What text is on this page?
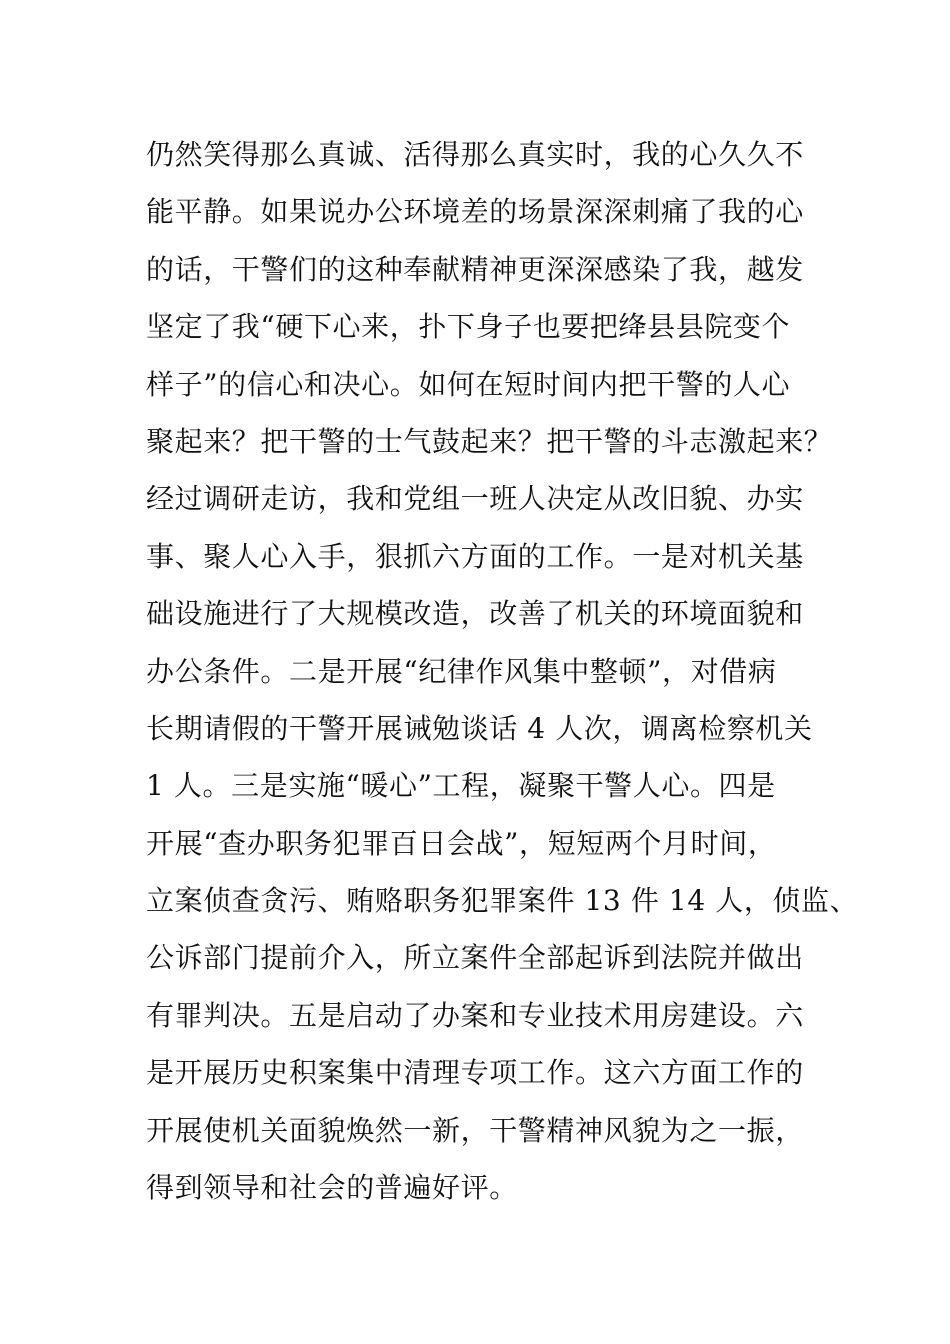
仍然笑得那么真诚、活得那么真实时，我的心久久不
能平静。如果说办公环境差的场景深深刺痛了我的心
的话，干警们的这种奉献精神更深深感染了我，越发
坚定了我“硬下心来，扑下身子也要把绛县县院变个
样子”的信心和决心。如何在短时间内把干警的人心
聚起来？把干警的士气鼓起来？把干警的斗志激起来？
经过调研走访，我和党组一班人决定从改旧貌、办实
事、聚人心入手，狠抓六方面的工作。一是对机关基
础设施进行了大规模改造，改善了机关的环境面貌和
办公条件。二是开展“纪律作风集中整顿”，对借病
长期请假的干警开展诫勉谈话 4 人次，调离检察机关
1 人。三是实施“暖心”工程，凝聚干警人心。四是
开展“查办职务犯罪百日会战”，短短两个月时间，
立案侦查贪污、贿赂职务犯罪案件 13 件 14 人，侦监、
公诉部门提前介入，所立案件全部起诉到法院并做出
有罪判决。五是启动了办案和专业技术用房建设。六
是开展历史积案集中清理专项工作。这六方面工作的
开展使机关面貌焕然一新，干警精神风貌为之一振，
得到领导和社会的普遍好评。
